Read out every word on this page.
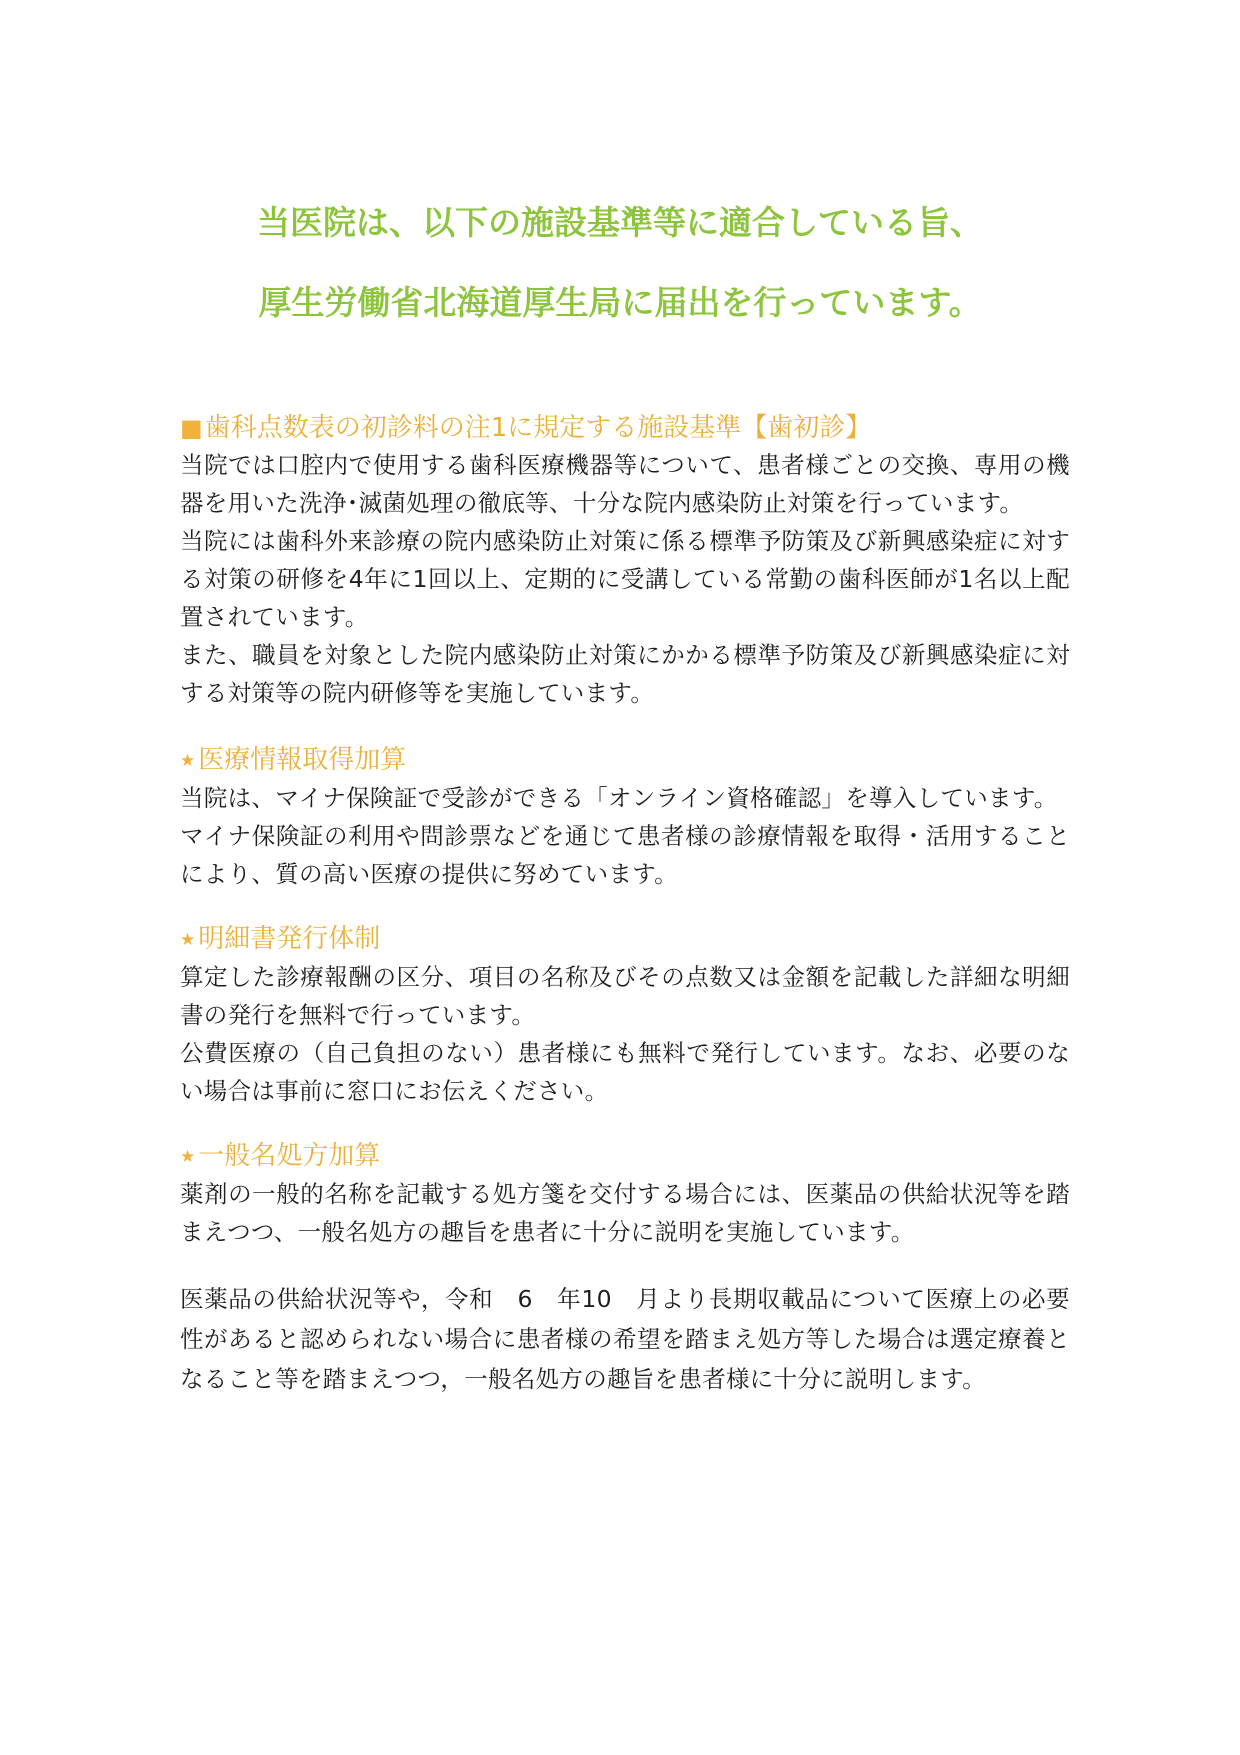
当医院は、以下の施設基準等に適合している旨、
厚生労働省北海道厚生局に届出を行っています。
■歯科点数表の初診料の注1に規定する施設基準【歯初診】

当院では口腔内で使用する歯科医療機器等について、患者様ごとの交換、専用の機器を用いた洗浄･滅菌処理の徹底等、十分な院内感染防止対策を行っています。

当院には歯科外来診療の院内感染防止対策に係る標準予防策及び新興感染症に対する対策の研修を4年に1回以上、定期的に受講している常勤の歯科医師が1名以上配置されています。

また、職員を対象とした院内感染防止対策にかかる標準予防策及び新興感染症に対する対策等の院内研修等を実施しています。

★ 医療情報取得加算

当院は、マイナ保険証で受診ができる「オンライン資格確認」を導入しています。

マイナ保険証の利用や問診票などを通じて患者様の診療情報を取得・活用することにより、質の高い医療の提供に努めています。

★ 明細書発行体制

算定した診療報酬の区分、項目の名称及びその点数又は金額を記載した詳細な明細書の発行を無料で行っています。

公費医療の（自己負担のない）患者様にも無料で発行しています。なお、必要のない場合は事前に窓口にお伝えください。

★ 一般名処方加算

薬剤の一般的名称を記載する処方箋を交付する場合には、医薬品の供給状況等を踏まえつつ、一般名処方の趣旨を患者に十分に説明を実施しています。

医薬品の供給状況等や，令和　6　年10　月より長期収載品について医療上の必要性があると認められない場合に患者様の希望を踏まえ処方等した場合は選定療養となること等を踏まえつつ，一般名処方の趣旨を患者様に十分に説明します。
